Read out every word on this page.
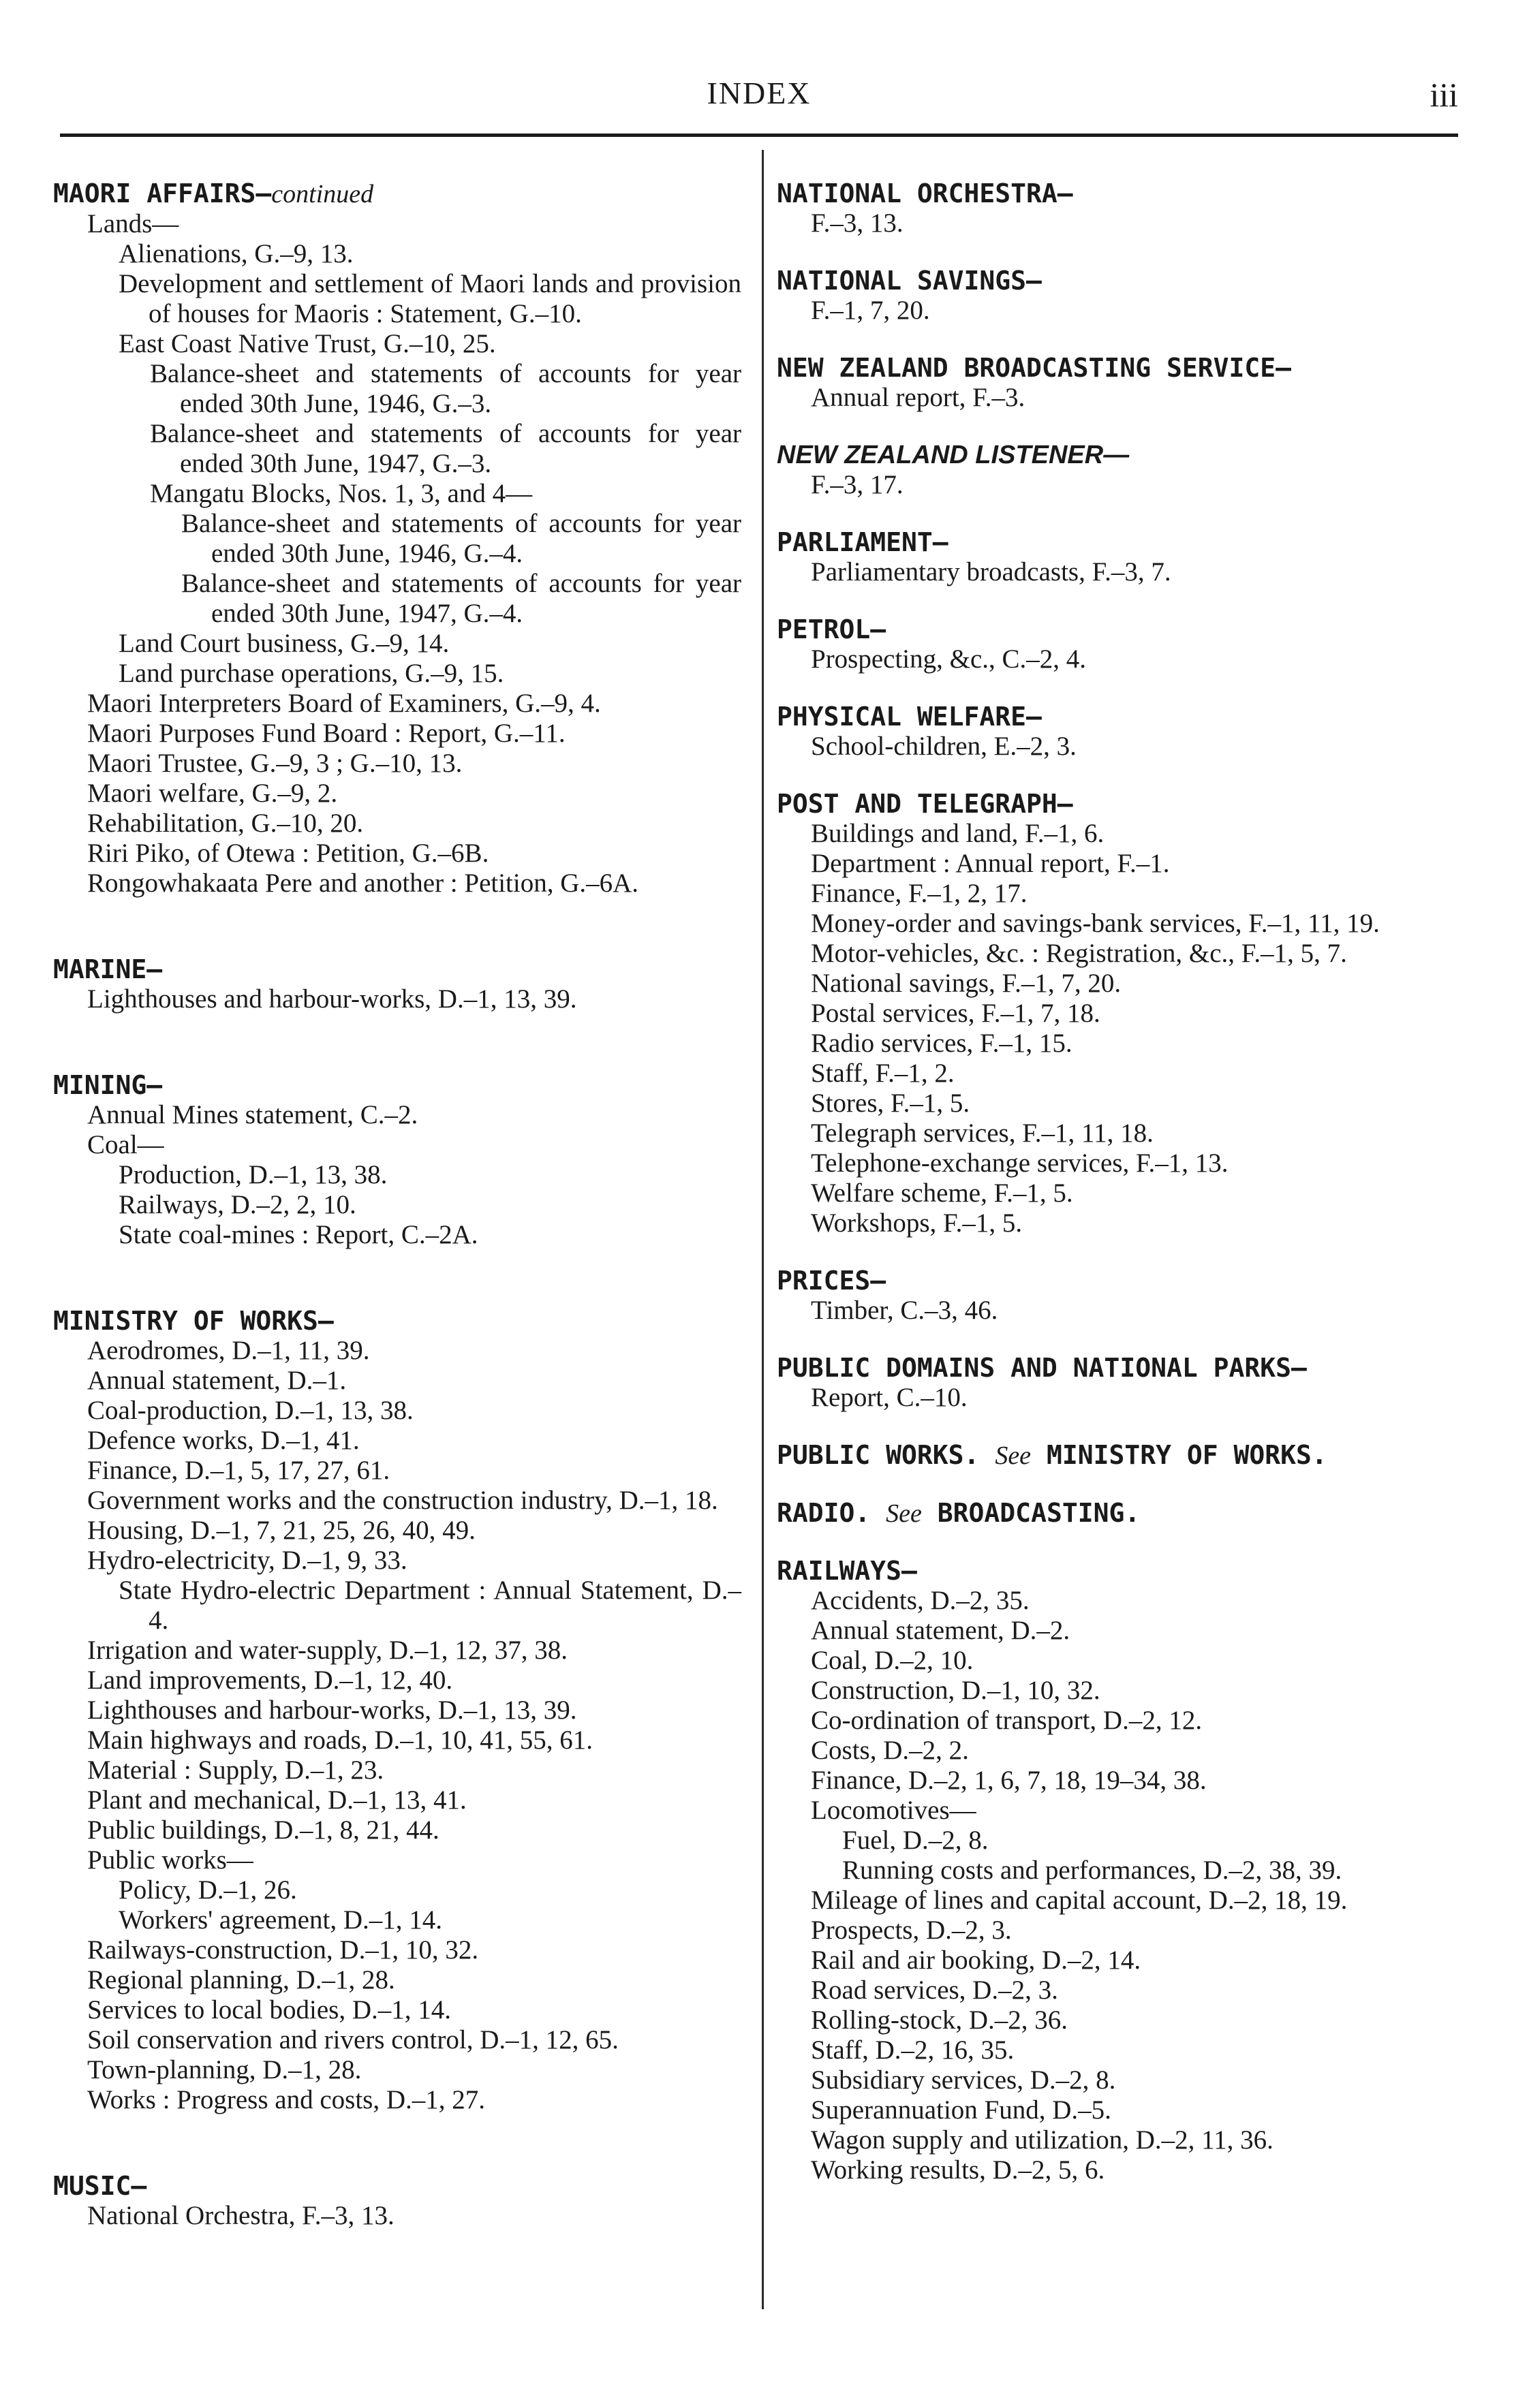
INDEX	iii
MAORI AFFAIRS—continued
Lands—
Alienations, G.–9, 13.
Development and settlement of Maori lands and provision of houses for Maoris : Statement, G.–10.
East Coast Native Trust, G.–10, 25.
Balance-sheet and statements of accounts for year ended 30th June, 1946, G.–3.
Balance-sheet and statements of accounts for year ended 30th June, 1947, G.–3.
Mangatu Blocks, Nos. 1, 3, and 4—
Balance-sheet and statements of accounts for year ended 30th June, 1946, G.–4.
Balance-sheet and statements of accounts for year ended 30th June, 1947, G.–4.
Land Court business, G.–9, 14.
Land purchase operations, G.–9, 15.
Maori Interpreters Board of Examiners, G.–9, 4.
Maori Purposes Fund Board : Report, G.–11.
Maori Trustee, G.–9, 3 ; G.–10, 13.
Maori welfare, G.–9, 2.
Rehabilitation, G.–10, 20.
Riri Piko, of Otewa : Petition, G.–6B.
Rongowhakaata Pere and another : Petition, G.–6A.
MARINE—
Lighthouses and harbour-works, D.–1, 13, 39.
MINING—
Annual Mines statement, C.–2.
Coal—
Production, D.–1, 13, 38.
Railways, D.–2, 2, 10.
State coal-mines : Report, C.–2A.
MINISTRY OF WORKS—
Aerodromes, D.–1, 11, 39.
Annual statement, D.–1.
Coal-production, D.–1, 13, 38.
Defence works, D.–1, 41.
Finance, D.–1, 5, 17, 27, 61.
Government works and the construction industry, D.–1, 18.
Housing, D.–1, 7, 21, 25, 26, 40, 49.
Hydro-electricity, D.–1, 9, 33.
State Hydro-electric Department : Annual Statement, D.–4.
Irrigation and water-supply, D.–1, 12, 37, 38.
Land improvements, D.–1, 12, 40.
Lighthouses and harbour-works, D.–1, 13, 39.
Main highways and roads, D.–1, 10, 41, 55, 61.
Material : Supply, D.–1, 23.
Plant and mechanical, D.–1, 13, 41.
Public buildings, D.–1, 8, 21, 44.
Public works—
Policy, D.–1, 26.
Workers' agreement, D.–1, 14.
Railways-construction, D.–1, 10, 32.
Regional planning, D.–1, 28.
Services to local bodies, D.–1, 14.
Soil conservation and rivers control, D.–1, 12, 65.
Town-planning, D.–1, 28.
Works : Progress and costs, D.–1, 27.
MUSIC—
National Orchestra, F.–3, 13.
NATIONAL ORCHESTRA—
F.–3, 13.
NATIONAL SAVINGS—
F.–1, 7, 20.
NEW ZEALAND BROADCASTING SERVICE—
Annual report, F.–3.
NEW ZEALAND LISTENER—
F.–3, 17.
PARLIAMENT—
Parliamentary broadcasts, F.–3, 7.
PETROL—
Prospecting, &c., C.–2, 4.
PHYSICAL WELFARE—
School-children, E.–2, 3.
POST AND TELEGRAPH—
Buildings and land, F.–1, 6.
Department : Annual report, F.–1.
Finance, F.–1, 2, 17.
Money-order and savings-bank services, F.–1, 11, 19.
Motor-vehicles, &c. : Registration, &c., F.–1, 5, 7.
National savings, F.–1, 7, 20.
Postal services, F.–1, 7, 18.
Radio services, F.–1, 15.
Staff, F.–1, 2.
Stores, F.–1, 5.
Telegraph services, F.–1, 11, 18.
Telephone-exchange services, F.–1, 13.
Welfare scheme, F.–1, 5.
Workshops, F.–1, 5.
PRICES—
Timber, C.–3, 46.
PUBLIC DOMAINS AND NATIONAL PARKS—
Report, C.–10.
PUBLIC WORKS. See MINISTRY OF WORKS.
RADIO. See BROADCASTING.
RAILWAYS—
Accidents, D.–2, 35.
Annual statement, D.–2.
Coal, D.–2, 10.
Construction, D.–1, 10, 32.
Co-ordination of transport, D.–2, 12.
Costs, D.–2, 2.
Finance, D.–2, 1, 6, 7, 18, 19–34, 38.
Locomotives—
Fuel, D.–2, 8.
Running costs and performances, D.–2, 38, 39.
Mileage of lines and capital account, D.–2, 18, 19.
Prospects, D.–2, 3.
Rail and air booking, D.–2, 14.
Road services, D.–2, 3.
Rolling-stock, D.–2, 36.
Staff, D.–2, 16, 35.
Subsidiary services, D.–2, 8.
Superannuation Fund, D.–5.
Wagon supply and utilization, D.–2, 11, 36.
Working results, D.–2, 5, 6.
